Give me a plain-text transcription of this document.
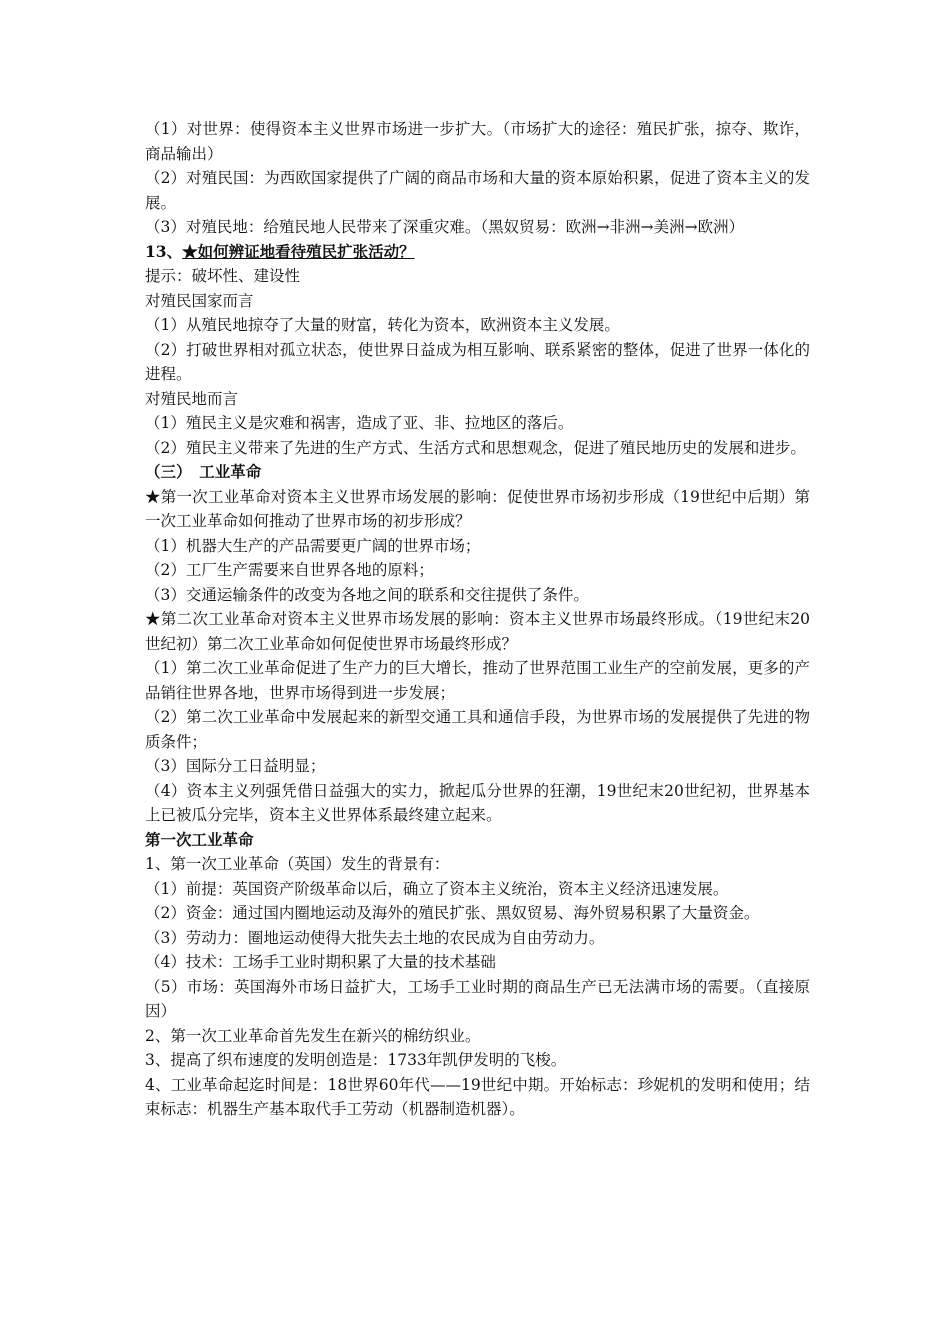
（1）对世界：使得资本主义世界市场进一步扩大。（市场扩大的途径：殖民扩张，掠夺、欺诈，商品输出）

（2）对殖民国：为西欧国家提供了广阔的商品市场和大量的资本原始积累，促进了资本主义的发展。

（3）对殖民地：给殖民地人民带来了深重灾难。（黑奴贸易：欧洲→非洲→美洲→欧洲）

13、★如何辨证地看待殖民扩张活动？

提示：破坏性、建设性

对殖民国家而言

（1）从殖民地掠夺了大量的财富，转化为资本，欧洲资本主义发展。

（2）打破世界相对孤立状态，使世界日益成为相互影响、联系紧密的整体，促进了世界一体化的进程。

对殖民地而言

（1）殖民主义是灾难和祸害，造成了亚、非、拉地区的落后。

（2）殖民主义带来了先进的生产方式、生活方式和思想观念，促进了殖民地历史的发展和进步。

（三）　工业革命

★第一次工业革命对资本主义世界市场发展的影响：促使世界市场初步形成（19世纪中后期）第一次工业革命如何推动了世界市场的初步形成？

（1）机器大生产的产品需要更广阔的世界市场；

（2）工厂生产需要来自世界各地的原料；

（3）交通运输条件的改变为各地之间的联系和交往提供了条件。

★第二次工业革命对资本主义世界市场发展的影响：资本主义世界市场最终形成。（19世纪末20世纪初）第二次工业革命如何促使世界市场最终形成？

（1）第二次工业革命促进了生产力的巨大增长，推动了世界范围工业生产的空前发展，更多的产品销往世界各地，世界市场得到进一步发展；

（2）第二次工业革命中发展起来的新型交通工具和通信手段，为世界市场的发展提供了先进的物质条件；

（3）国际分工日益明显；

（4）资本主义列强凭借日益强大的实力，掀起瓜分世界的狂潮，19世纪末20世纪初，世界基本上已被瓜分完毕，资本主义世界体系最终建立起来。

第一次工业革命

1、第一次工业革命（英国）发生的背景有：

（1）前提：英国资产阶级革命以后，确立了资本主义统治，资本主义经济迅速发展。

（2）资金：通过国内圈地运动及海外的殖民扩张、黑奴贸易、海外贸易积累了大量资金。

（3）劳动力：圈地运动使得大批失去土地的农民成为自由劳动力。

（4）技术：工场手工业时期积累了大量的技术基础

（5）市场：英国海外市场日益扩大，工场手工业时期的商品生产已无法满市场的需要。（直接原因）

2、第一次工业革命首先发生在新兴的棉纺织业。

3、提高了织布速度的发明创造是：1733年凯伊发明的飞梭。

4、工业革命起迄时间是：18世界60年代——19世纪中期。开始标志：珍妮机的发明和使用；结束标志：机器生产基本取代手工劳动（机器制造机器）。
